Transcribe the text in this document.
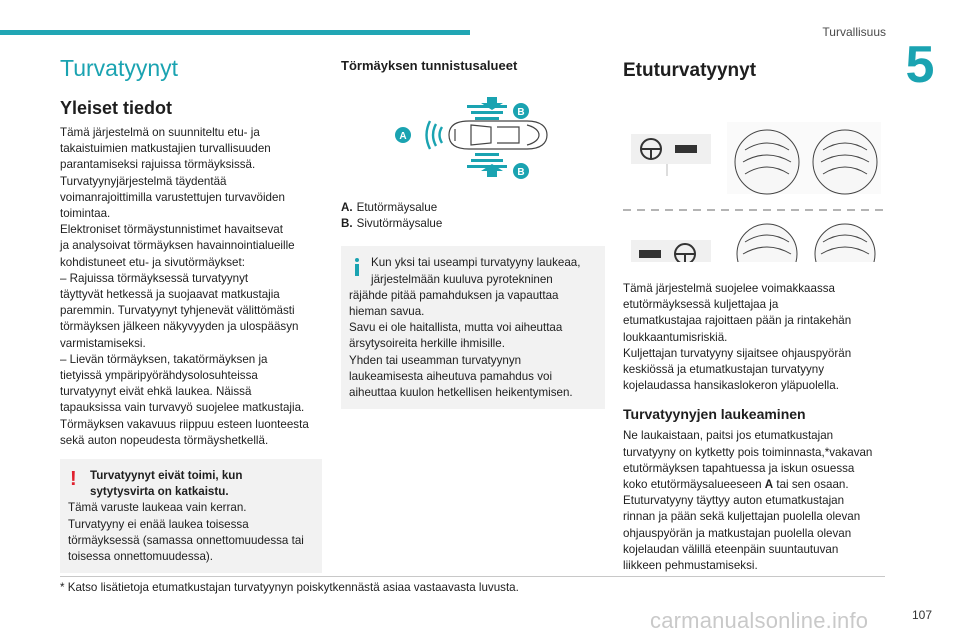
Turvallisuus
5
Turvatyynyt
Yleiset tiedot

Tämä järjestelmä on suunniteltu etu- ja

takaistuimien matkustajien turvallisuuden

parantamiseksi rajuissa törmäyksissä.

Turvatyynyjärjestelmä täydentää

voimanrajoittimilla varustettujen turvavöiden

toimintaa.

Elektroniset törmäystunnistimet havaitsevat

ja analysoivat törmäyksen havainnointialueille

kohdistuneet etu- ja sivutörmäykset:

– Rajuissa törmäyksessä turvatyynyt

täyttyvät hetkessä ja suojaavat matkustajia

paremmin. Turvatyynyt tyhjenevät välittömästi

törmäyksen jälkeen näkyvyyden ja ulospääsyn

varmistamiseksi.

– Lievän törmäyksen, takatörmäyksen ja

tietyissä ympäripyörähdysolosuhteissa

turvatyynyt eivät ehkä laukea. Näissä

tapauksissa vain turvavyö suojelee matkustajia.

Törmäyksen vakavuus riippuu esteen luonteesta

sekä auton nopeudesta törmäyshetkellä.

!	Turvatyynyt eivät toimi, kun

sytytysvirta on katkaistu.

Tämä varuste laukeaa vain kerran.

Turvatyyny ei enää laukea toisessa

törmäyksessä (samassa onnettomuudessa tai

toisessa onnettomuudessa).

Törmäyksen tunnistusalueet
B
A
B

A. Etutörmäysalue

B. Sivutörmäysalue

Kun yksi tai useampi turvatyyny laukeaa,

järjestelmään kuuluva pyrotekninen

räjähde pitää pamahduksen ja vapauttaa

hieman savua.

Savu ei ole haitallista, mutta voi aiheuttaa

ärsytysoireita herkille ihmisille.

Yhden tai useamman turvatyynyn

laukeamisesta aiheutuva pamahdus voi

aiheuttaa kuulon hetkellisen heikentymisen.

Etuturvatyynyt

Tämä järjestelmä suojelee voimakkaassa

etutörmäyksessä kuljettajaa ja

etumatkustajaa rajoittaen pään ja rintakehän

loukkaantumisriskiä.

Kuljettajan turvatyyny sijaitsee ohjauspyörän

keskiössä ja etumatkustajan turvatyyny

kojelaudassa hansikaslokeron yläpuolella.

Turvatyynyjen laukeaminen

Ne laukaistaan, paitsi jos etumatkustajan

turvatyyny on kytketty pois toiminnasta,*vakavan

etutörmäyksen tapahtuessa ja iskun osuessa

koko etutörmäysalueeseen A tai sen osaan.

Etuturvatyyny täyttyy auton etumatkustajan

rinnan ja pään sekä kuljettajan puolella olevan

ohjauspyörän ja matkustajan puolella olevan

kojelaudan välillä eteenpäin suuntautuvan

liikkeen pehmustamiseksi.

* Katso lisätietoja etumatkustajan turvatyynyn poiskytkennästä asiaa vastaavasta luvusta.
carmanualsonline.info	107
